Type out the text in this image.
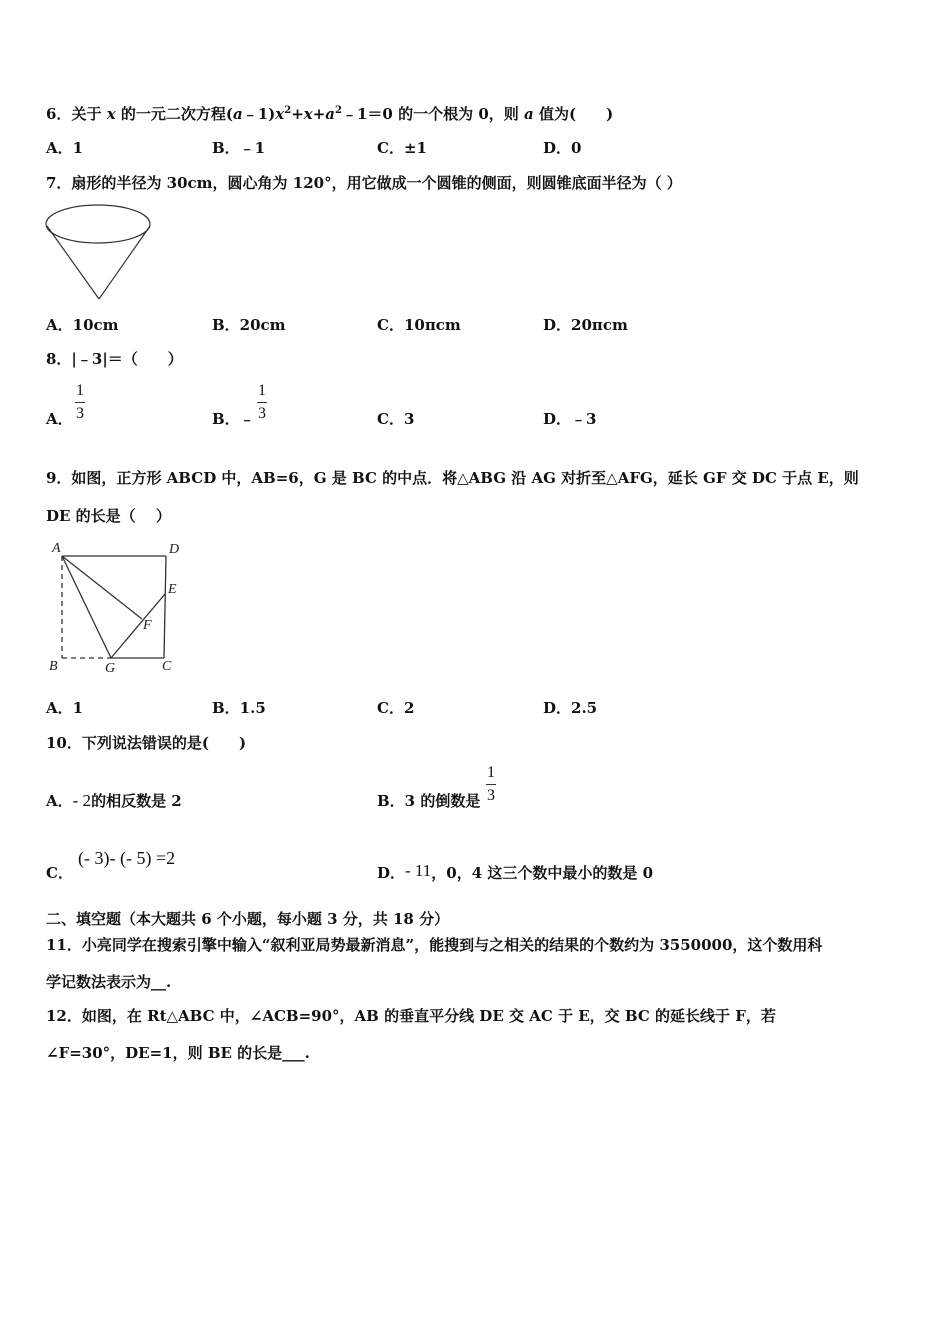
6．关于 x 的一元二次方程$(a﹣1)x^2+x+a^2﹣1=0$ 的一个根为 0，则 a 值为(　　)
A．1	B．﹣1	C．±1	D．0
7．扇形的半径为 30cm，圆心角为 120°，用它做成一个圆锥的侧面，则圆锥底面半径为（ ）
A．10cm	B．20cm	C．10πcm	D．20πcm
8．|﹣3|＝（　　）
A．
1
3	B．﹣
1
3	C．3	D．﹣3
9．如图，正方形 ABCD 中，AB=6，G 是 BC 的中点．将△ABG 沿 AG 对折至△AFG，延长 GF 交 DC 于点 E，则
DE 的长是（　 ）
A	D
E
F
B	G	C
A．1	B．1.5	C．2	D．2.5
10．下列说法错误的是(　　)
A．- 2的相反数是 2	B．3 的倒数是
1
3
C．
(- 3)- (- 5) =2
D．- 11，0，4 这三个数中最小的数是 0
二、填空题（本大题共 6 个小题，每小题 3 分，共 18 分）
11．小亮同学在搜索引擎中输入“叙利亚局势最新消息”，能搜到与之相关的结果的个数约为 3550000，这个数用科
学记数法表示为__.
12．如图，在 Rt△ABC 中，∠ACB=90°，AB 的垂直平分线 DE 交 AC 于 E，交 BC 的延长线于 F，若
∠F=30°，DE=1，则 BE 的长是___.
